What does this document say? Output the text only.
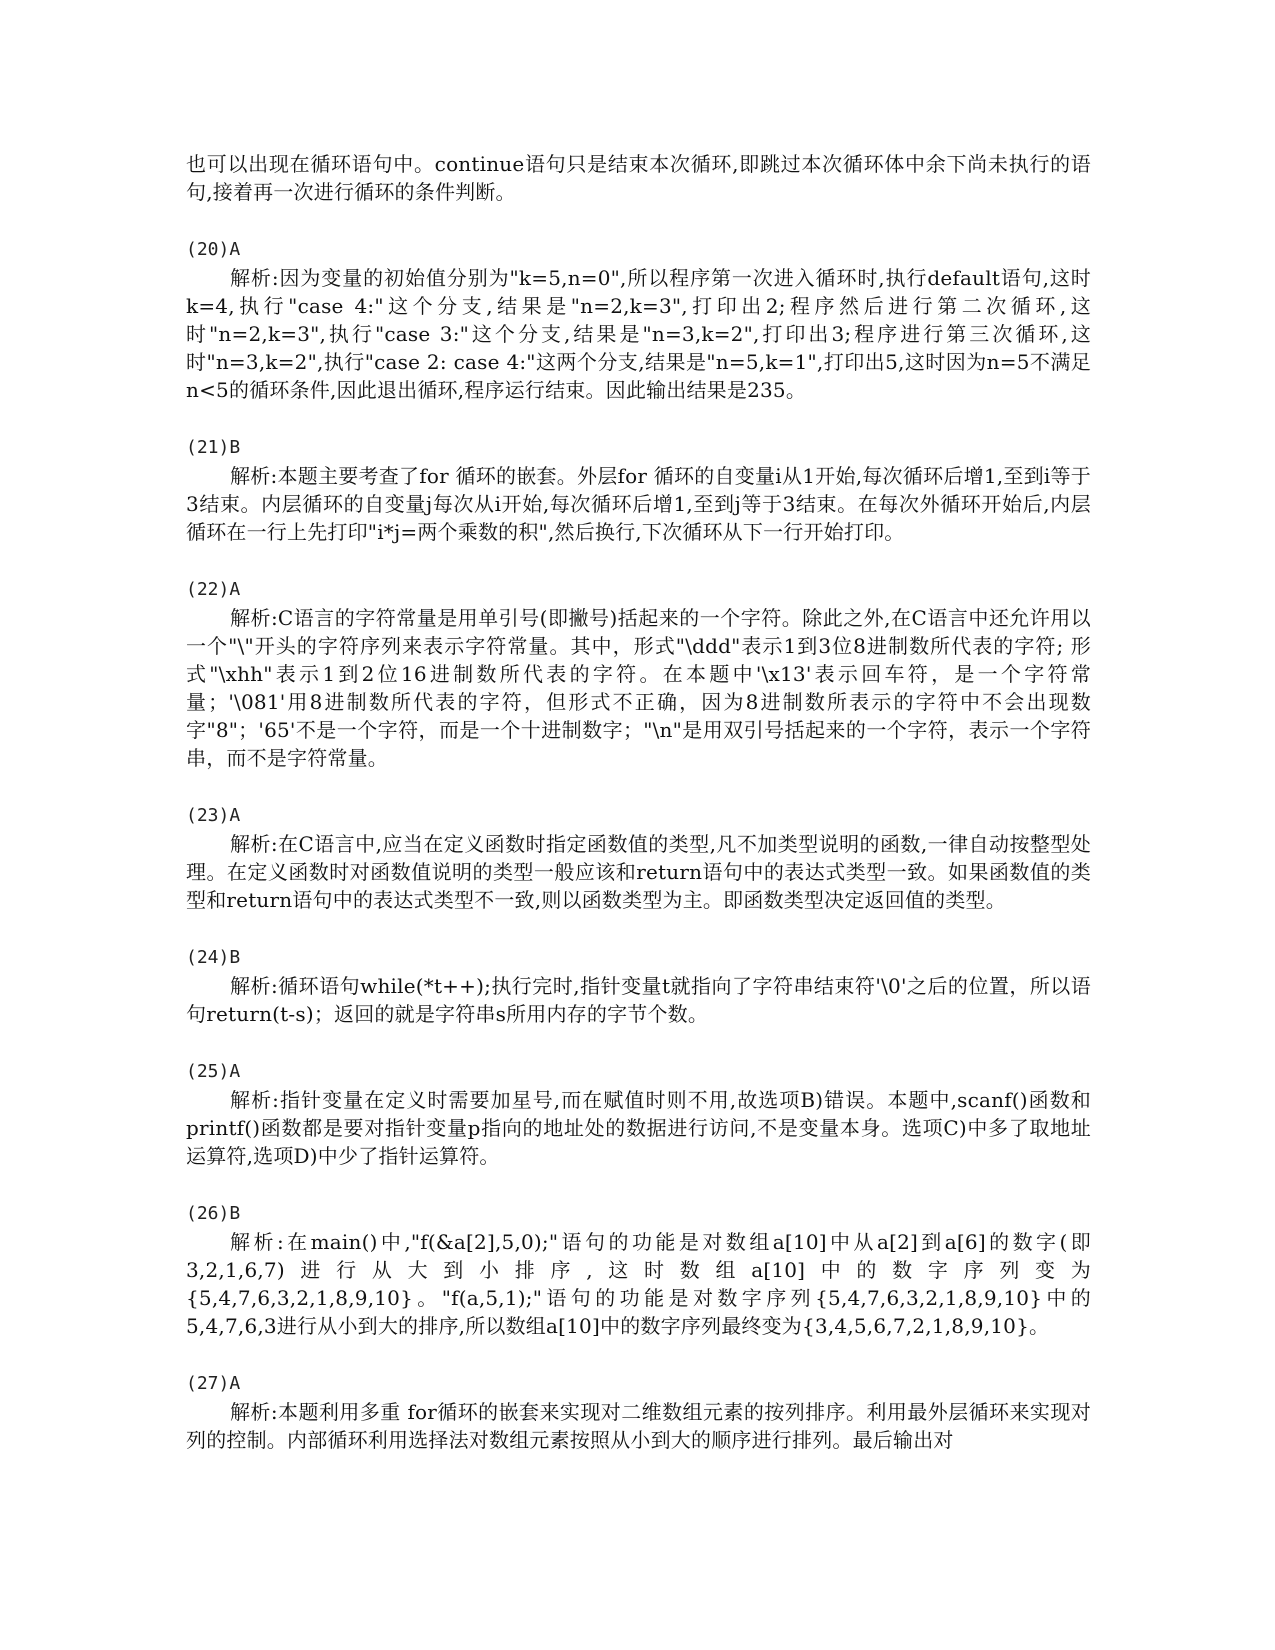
也可以出现在循环语句中。continue语句只是结束本次循环,即跳过本次循环体中余下尚未执行的语句,接着再一次进行循环的条件判断。

(20)A

解析:因为变量的初始值分别为"k=5,n=0",所以程序第一次进入循环时,执行default语句,这时k=4,执行"case 4:"这个分支,结果是"n=2,k=3",打印出2;程序然后进行第二次循环,这时"n=2,k=3",执行"case 3:"这个分支,结果是"n=3,k=2",打印出3;程序进行第三次循环,这时"n=3,k=2",执行"case 2: case 4:"这两个分支,结果是"n=5,k=1",打印出5,这时因为n=5不满足n<5的循环条件,因此退出循环,程序运行结束。因此输出结果是235。

(21)B

解析:本题主要考查了for 循环的嵌套。外层for 循环的自变量i从1开始,每次循环后增1,至到i等于3结束。内层循环的自变量j每次从i开始,每次循环后增1,至到j等于3结束。在每次外循环开始后,内层循环在一行上先打印"i*j=两个乘数的积",然后换行,下次循环从下一行开始打印。

(22)A

解析:C语言的字符常量是用单引号(即撇号)括起来的一个字符。除此之外,在C语言中还允许用以一个"\"开头的字符序列来表示字符常量。其中，形式"\ddd"表示1到3位8进制数所代表的字符; 形式"\xhh"表示1到2位16进制数所代表的字符。在本题中'\x13'表示回车符，是一个字符常量；'\081'用8进制数所代表的字符，但形式不正确，因为8进制数所表示的字符中不会出现数字"8"；'65'不是一个字符，而是一个十进制数字；"\n"是用双引号括起来的一个字符，表示一个字符串，而不是字符常量。

(23)A

解析:在C语言中,应当在定义函数时指定函数值的类型,凡不加类型说明的函数,一律自动按整型处理。在定义函数时对函数值说明的类型一般应该和return语句中的表达式类型一致。如果函数值的类型和return语句中的表达式类型不一致,则以函数类型为主。即函数类型决定返回值的类型。

(24)B

解析:循环语句while(*t++);执行完时,指针变量t就指向了字符串结束符'\0'之后的位置，所以语句return(t-s)；返回的就是字符串s所用内存的字节个数。

(25)A

解析:指针变量在定义时需要加星号,而在赋值时则不用,故选项B)错误。本题中,scanf()函数和printf()函数都是要对指针变量p指向的地址处的数据进行访问,不是变量本身。选项C)中多了取地址运算符,选项D)中少了指针运算符。

(26)B

解析:在main()中,"f(&a[2],5,0);"语句的功能是对数组a[10]中从a[2]到a[6]的数字(即3,2,1,6,7)进行从大到小排序,这时数组a[10]中的数字序列变为{5,4,7,6,3,2,1,8,9,10}。"f(a,5,1);"语句的功能是对数字序列{5,4,7,6,3,2,1,8,9,10}中的5,4,7,6,3进行从小到大的排序,所以数组a[10]中的数字序列最终变为{3,4,5,6,7,2,1,8,9,10}。

(27)A

解析:本题利用多重 for循环的嵌套来实现对二维数组元素的按列排序。利用最外层循环来实现对列的控制。内部循环利用选择法对数组元素按照从小到大的顺序进行排列。最后输出对
